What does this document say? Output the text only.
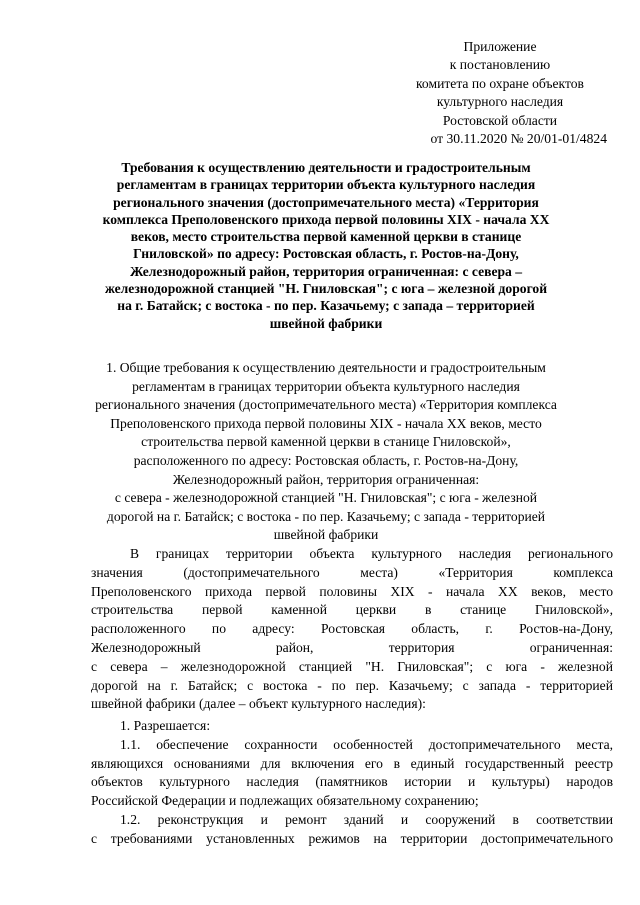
Приложение
к постановлению
комитета по охране объектов
культурного наследия
Ростовской области
от 30.11.2020 № 20/01-01/4824
Требования к осуществлению деятельности и градостроительным
регламентам в границах территории объекта культурного наследия
регионального значения (достопримечательного места) «Территория
комплекса Преполовенского прихода первой половины XIX - начала XX
веков, место строительства первой каменной церкви в станице
Гниловской» по адресу: Ростовская область, г. Ростов-на-Дону,
Железнодорожный район, территория ограниченная: с севера –
железнодорожной станцией "Н. Гниловская"; с юга – железной дорогой
на г. Батайск; с востока - по пер. Казачьему; с запада – территорией
швейной фабрики
1. Общие требования к осуществлению деятельности и градостроительным
регламентам в границах территории объекта культурного наследия
регионального значения (достопримечательного места) «Территория комплекса
Преполовенского прихода первой половины XIX - начала XX веков, место
строительства первой каменной церкви в станице Гниловской»,
расположенного по адресу: Ростовская область, г. Ростов-на-Дону,
Железнодорожный район, территория ограниченная:
с севера - железнодорожной станцией "Н. Гниловская"; с юга - железной
дорогой на г. Батайск; с востока - по пер. Казачьему; с запада - территорией
швейной фабрики
В границах территории объекта культурного наследия регионального
значения (достопримечательного места) «Территория комплекса
Преполовенского прихода первой половины XIX - начала XX веков, место
строительства первой каменной церкви в станице Гниловской»,
расположенного по адресу: Ростовская область, г. Ростов-на-Дону,
Железнодорожный район, территория ограниченная:
с севера – железнодорожной станцией "Н. Гниловская"; с юга - железной
дорогой на г. Батайск; с востока - по пер. Казачьему; с запада - территорией
швейной фабрики (далее – объект культурного наследия):
1. Разрешается:
1.1. обеспечение сохранности особенностей достопримечательного места,
являющихся основаниями для включения его в единый государственный реестр
объектов культурного наследия (памятников истории и культуры) народов
Российской Федерации и подлежащих обязательному сохранению;
1.2. реконструкция и ремонт зданий и сооружений в соответствии
с требованиями установленных режимов на территории достопримечательного
